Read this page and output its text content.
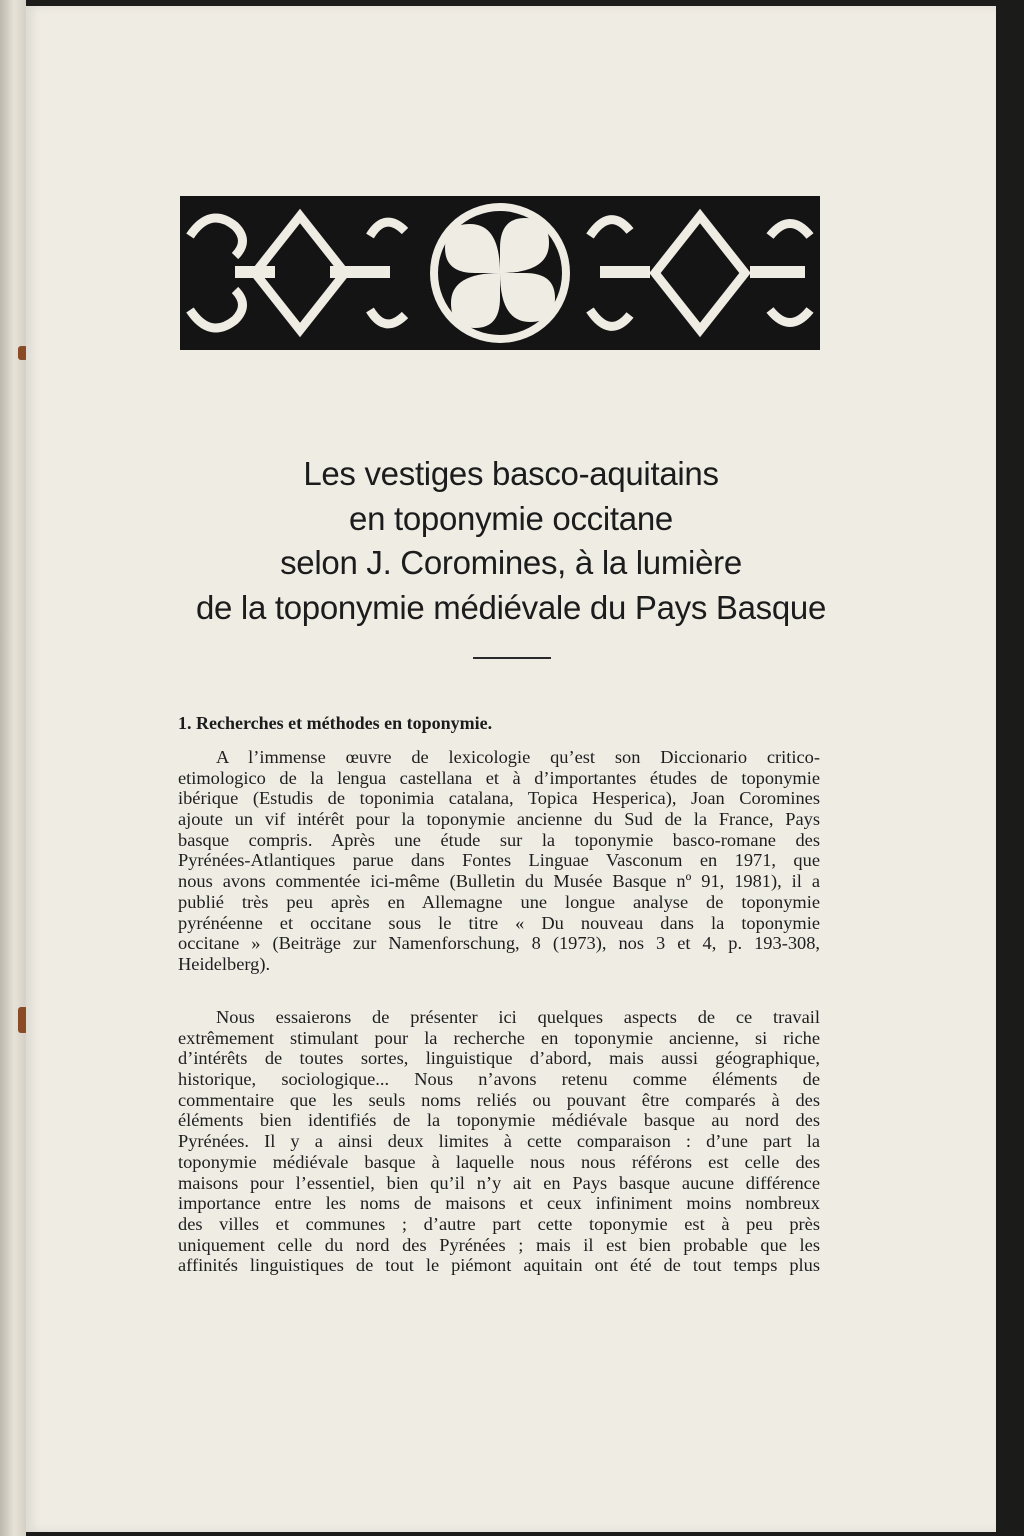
Les vestiges basco-aquitains
en toponymie occitane
selon J. Coromines, à la lumière
de la toponymie médiévale du Pays Basque
1. Recherches et méthodes en toponymie.
A l’immense œuvre de lexicologie qu’est son Diccionario critico-
etimologico de la lengua castellana et à d’importantes études de toponymie
ibérique (Estudis de toponimia catalana, Topica Hesperica), Joan Coromines
ajoute un vif intérêt pour la toponymie ancienne du Sud de la France, Pays
basque compris. Après une étude sur la toponymie basco-romane des
Pyrénées-Atlantiques parue dans Fontes Linguae Vasconum en 1971, que
nous avons commentée ici-même (Bulletin du Musée Basque nº 91, 1981), il a
publié très peu après en Allemagne une longue analyse de toponymie
pyrénéenne et occitane sous le titre « Du nouveau dans la toponymie
occitane » (Beiträge zur Namenforschung, 8 (1973), nos 3 et 4, p. 193-308,
Heidelberg).
Nous essaierons de présenter ici quelques aspects de ce travail
extrêmement stimulant pour la recherche en toponymie ancienne, si riche
d’intérêts de toutes sortes, linguistique d’abord, mais aussi géographique,
historique, sociologique... Nous n’avons retenu comme éléments de
commentaire que les seuls noms reliés ou pouvant être comparés à des
éléments bien identifiés de la toponymie médiévale basque au nord des
Pyrénées. Il y a ainsi deux limites à cette comparaison : d’une part la
toponymie médiévale basque à laquelle nous nous référons est celle des
maisons pour l’essentiel, bien qu’il n’y ait en Pays basque aucune différence
importance entre les noms de maisons et ceux infiniment moins nombreux
des villes et communes ; d’autre part cette toponymie est à peu près
uniquement celle du nord des Pyrénées ; mais il est bien probable que les
affinités linguistiques de tout le piémont aquitain ont été de tout temps plus
